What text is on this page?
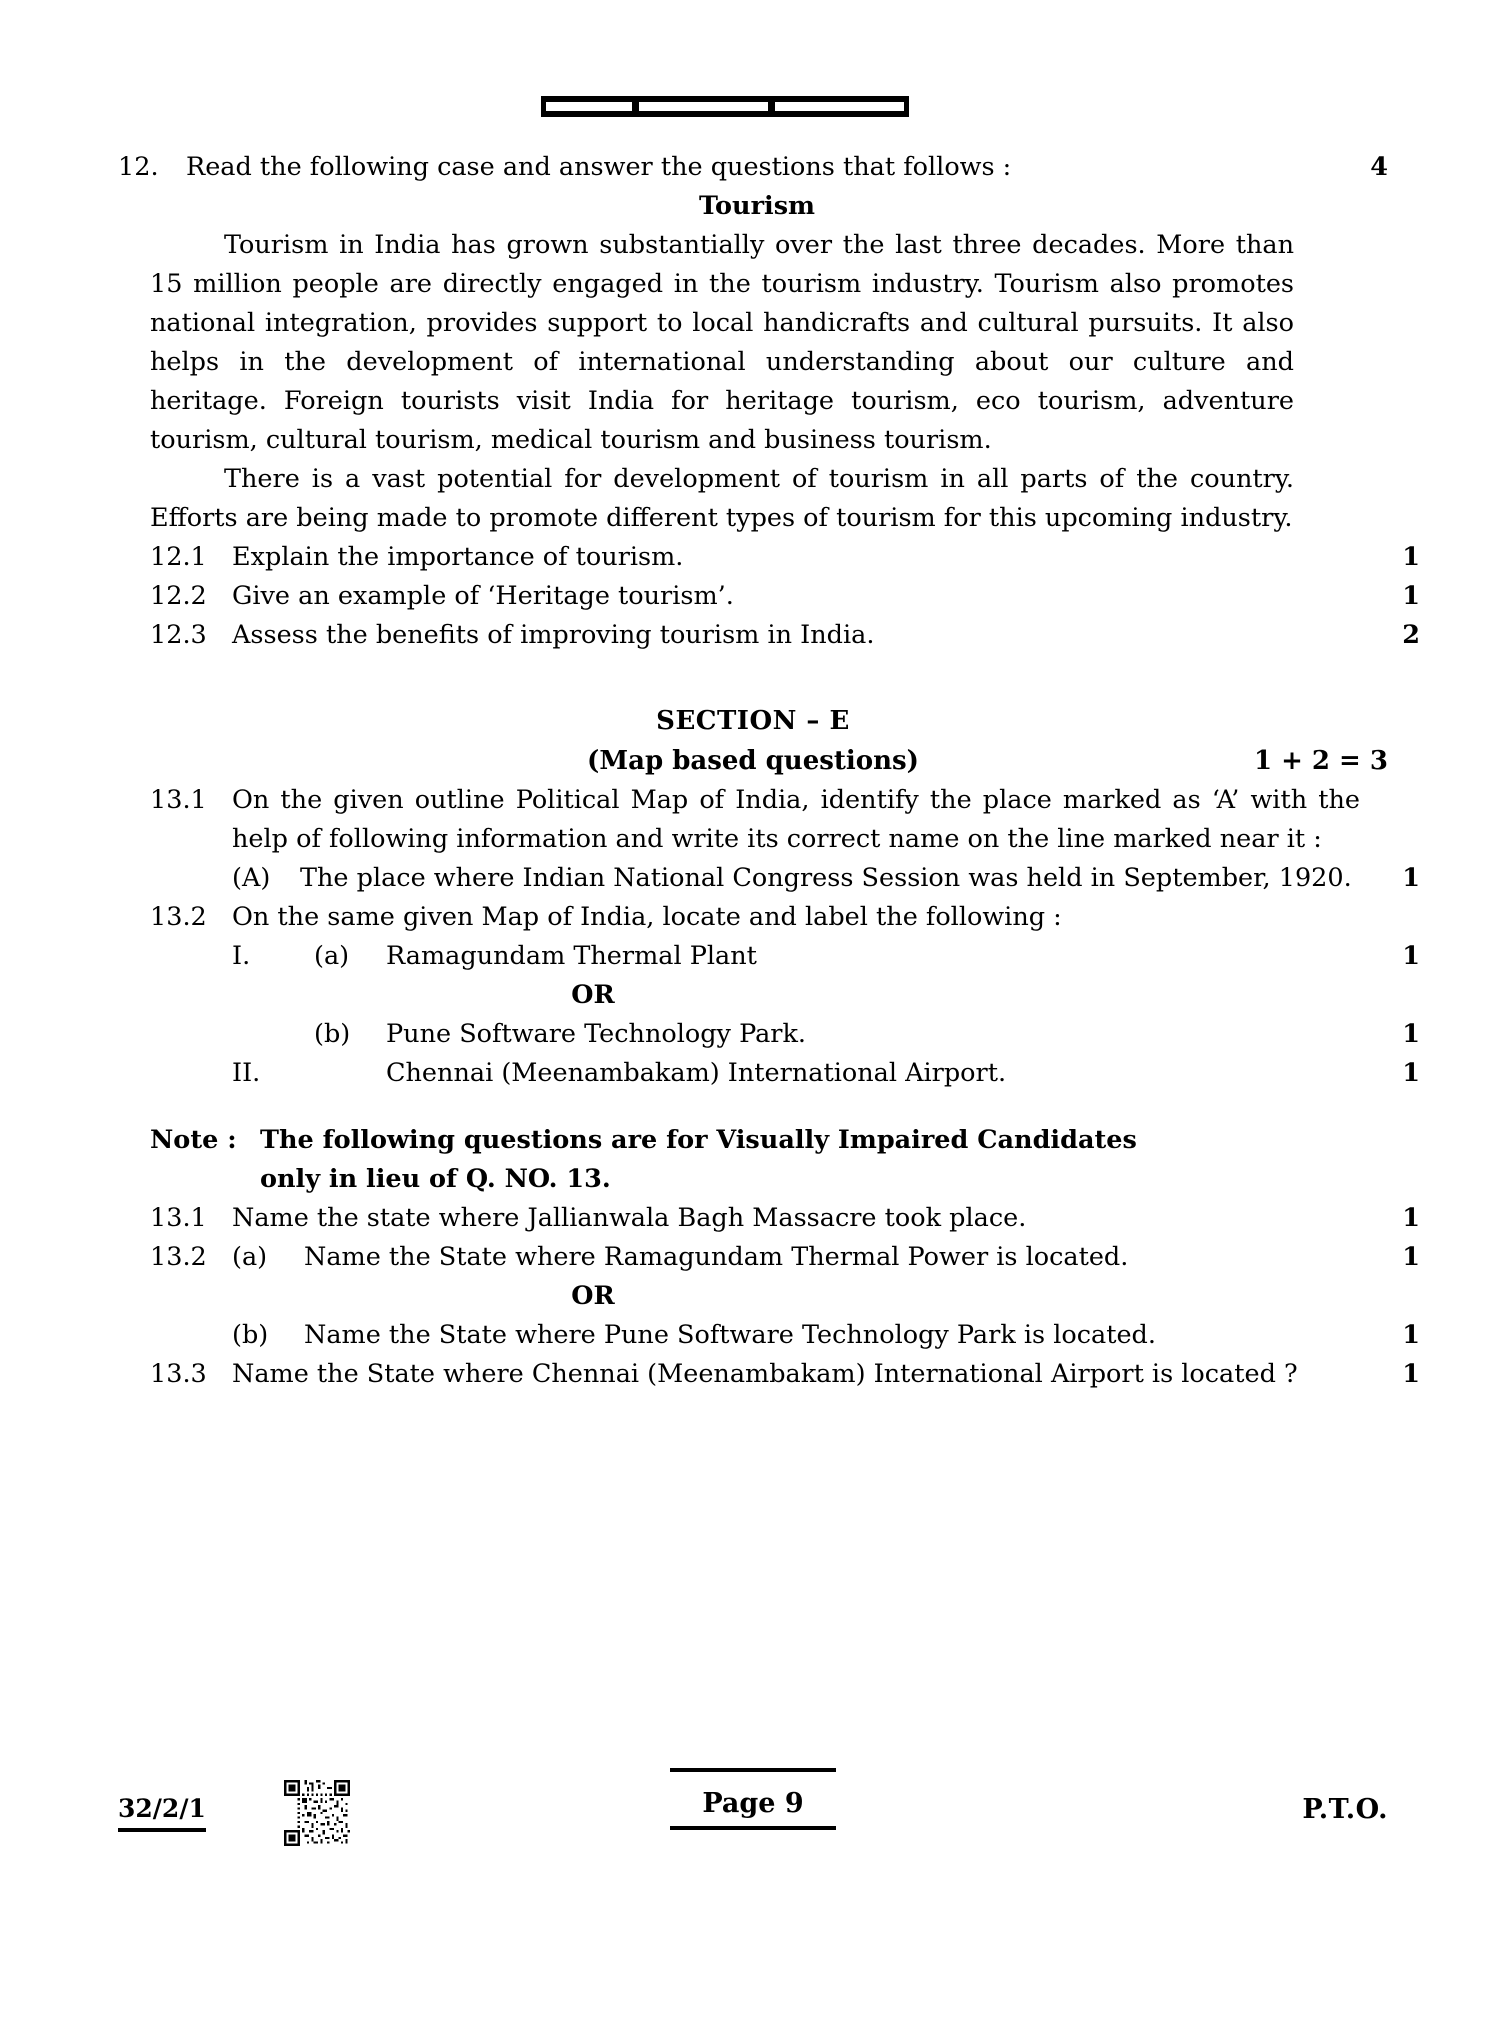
12.	Read the following case and answer the questions that follows :	4
Tourism

Tourism in India has grown substantially over the last three decades. More than 15 million people are directly engaged in the tourism industry. Tourism also promotes national integration, provides support to local handicrafts and cultural pursuits. It also helps in the development of international understanding about our culture and heritage. Foreign tourists visit India for heritage tourism, eco tourism, adventure tourism, cultural tourism, medical tourism and business tourism.

There is a vast potential for development of tourism in all parts of the country. Efforts are being made to promote different types of tourism for this upcoming industry.

12.1 Explain the importance of tourism.	1
12.2 Give an example of ‘Heritage tourism’.	1
12.3 Assess the benefits of improving tourism in India.	2
SECTION – E
(Map based questions)	1 + 2 = 3
13.1 On the given outline Political Map of India, identify the place marked as ‘A’ with the help of following information and write its correct name on the line marked near it :
(A)	The place where Indian National Congress Session was held in September, 1920.	1
13.2 On the same given Map of India, locate and label the following :
I.	(a)	Ramagundam Thermal Plant	1
OR
(b)	Pune Software Technology Park.	1
II.	Chennai (Meenambakam) International Airport.	1
Note : The following questions are for Visually Impaired Candidates
only in lieu of Q. NO. 13.
13.1 Name the state where Jallianwala Bagh Massacre took place.	1
13.2 (a)	Name the State where Ramagundam Thermal Power is located.	1
OR
(b)	Name the State where Pune Software Technology Park is located.	1
13.3 Name the State where Chennai (Meenambakam) International Airport is located ?	1
32/2/1	Page 9	P.T.O.
